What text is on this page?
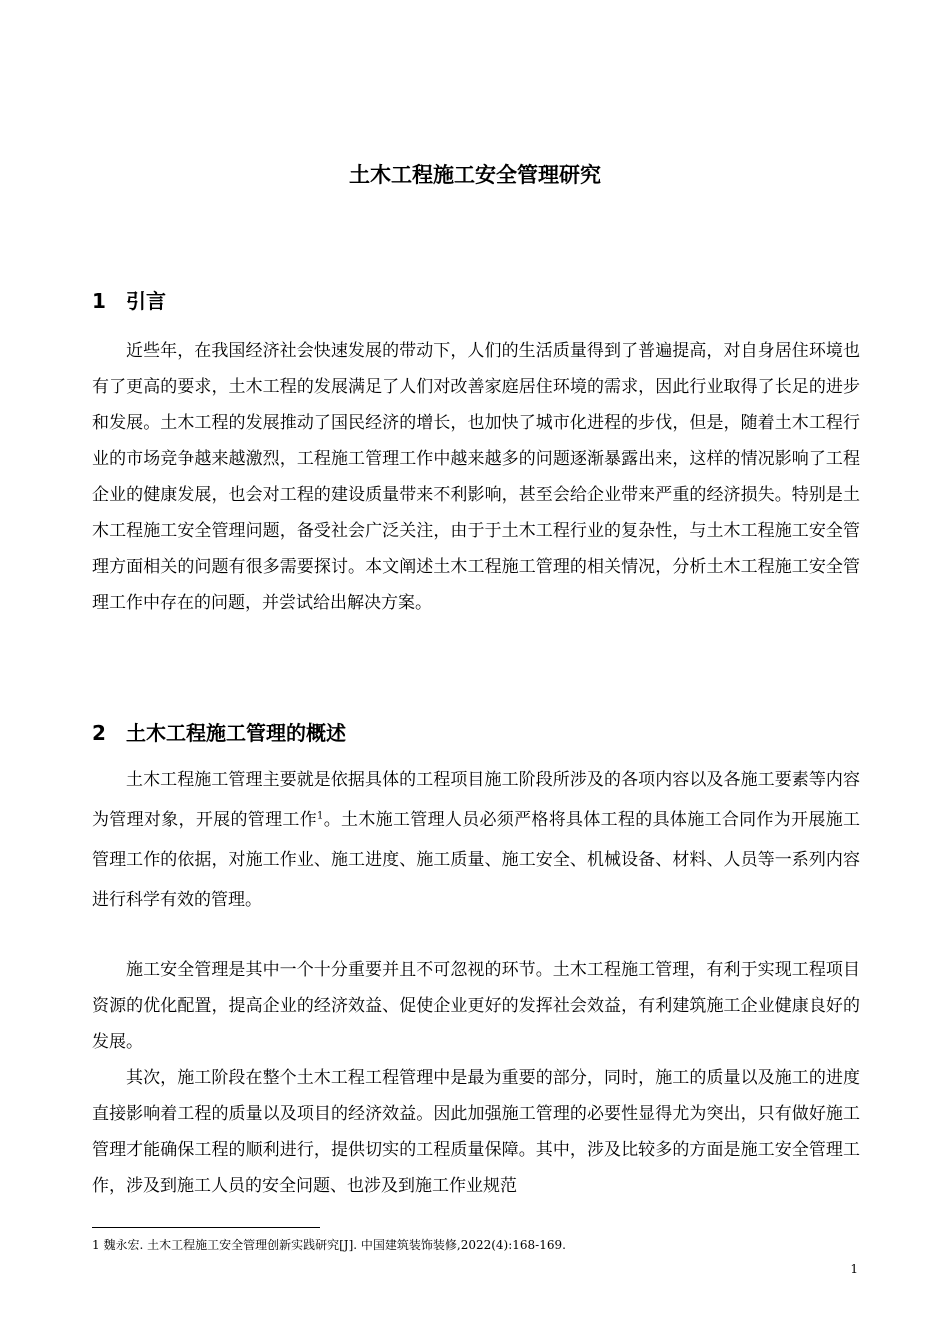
土木工程施工安全管理研究
1 引言

近些年，在我国经济社会快速发展的带动下，人们的生活质量得到了普遍提高，对自身居住环境也有了更高的要求，土木工程的发展满足了人们对改善家庭居住环境的需求，因此行业取得了长足的进步和发展。土木工程的发展推动了国民经济的增长，也加快了城市化进程的步伐，但是，随着土木工程行业的市场竞争越来越激烈，工程施工管理工作中越来越多的问题逐渐暴露出来，这样的情况影响了工程企业的健康发展，也会对工程的建设质量带来不利影响，甚至会给企业带来严重的经济损失。特别是土木工程施工安全管理问题，备受社会广泛关注，由于于土木工程行业的复杂性，与土木工程施工安全管理方面相关的问题有很多需要探讨。本文阐述土木工程施工管理的相关情况，分析土木工程施工安全管理工作中存在的问题，并尝试给出解决方案。

2 土木工程施工管理的概述

土木工程施工管理主要就是依据具体的工程项目施工阶段所涉及的各项内容以及各施工要素等内容为管理对象，开展的管理工作$^1$。土木施工管理人员必须严格将具体工程的具体施工合同作为开展施工管理工作的依据，对施工作业、施工进度、施工质量、施工安全、机械设备、材料、人员等一系列内容进行科学有效的管理。

施工安全管理是其中一个十分重要并且不可忽视的环节。土木工程施工管理，有利于实现工程项目资源的优化配置，提高企业的经济效益、促使企业更好的发挥社会效益，有利建筑施工企业健康良好的发展。

其次，施工阶段在整个土木工程工程管理中是最为重要的部分，同时，施工的质量以及施工的进度直接影响着工程的质量以及项目的经济效益。因此加强施工管理的必要性显得尤为突出，只有做好施工管理才能确保工程的顺利进行，提供切实的工程质量保障。其中，涉及比较多的方面是施工安全管理工作，涉及到施工人员的安全问题、也涉及到施工作业规范

1 魏永宏. 土木工程施工安全管理创新实践研究[J]. 中国建筑装饰装修,2022(4):168-169.
1
